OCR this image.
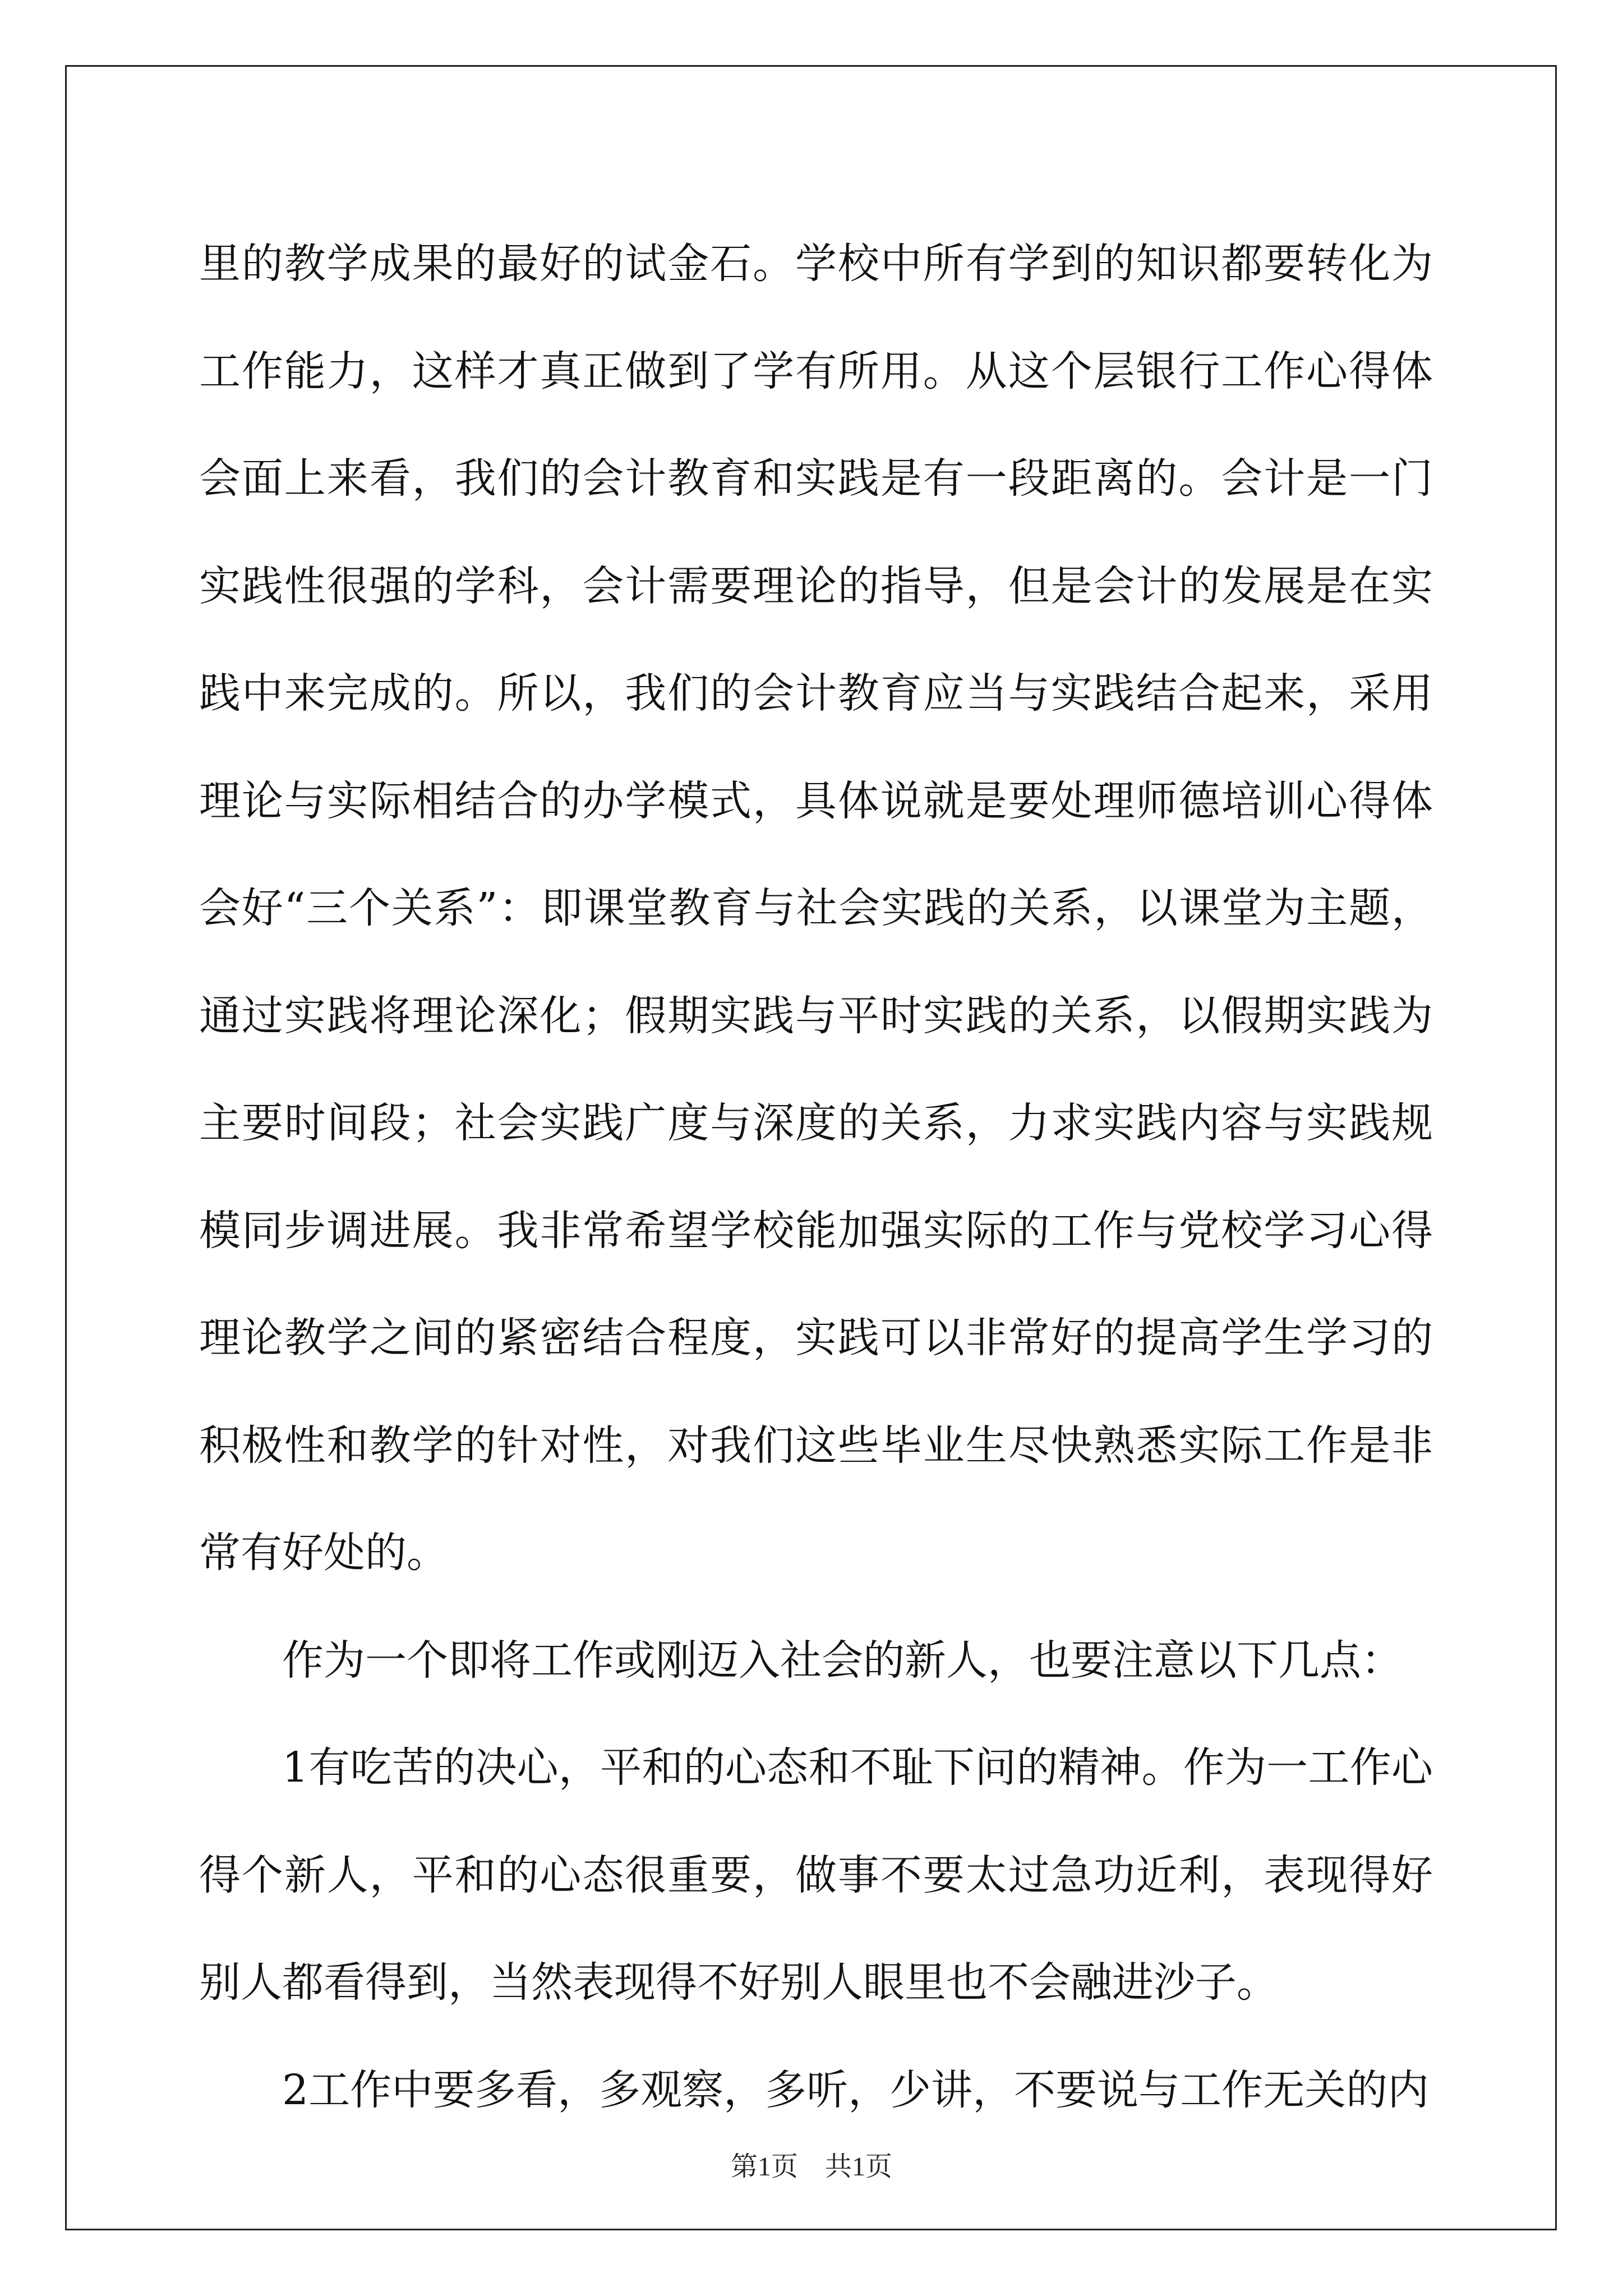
里的教学成果的最好的试金石。学校中所有学到的知识都要转化为工作能力，这样才真正做到了学有所用。从这个层银行工作心得体会面上来看，我们的会计教育和实践是有一段距离的。会计是一门实践性很强的学科，会计需要理论的指导，但是会计的发展是在实践中来完成的。所以，我们的会计教育应当与实践结合起来，采用理论与实际相结合的办学模式，具体说就是要处理师德培训心得体会好“三个关系”：即课堂教育与社会实践的关系，以课堂为主题，通过实践将理论深化；假期实践与平时实践的关系，以假期实践为主要时间段；社会实践广度与深度的关系，力求实践内容与实践规模同步调进展。我非常希望学校能加强实际的工作与党校学习心得理论教学之间的紧密结合程度，实践可以非常好的提高学生学习的积极性和教学的针对性，对我们这些毕业生尽快熟悉实际工作是非常有好处的。

作为一个即将工作或刚迈入社会的新人，也要注意以下几点：

1有吃苦的决心，平和的心态和不耻下问的精神。作为一工作心得个新人，平和的心态很重要，做事不要太过急功近利，表现得好别人都看得到，当然表现得不好别人眼里也不会融进沙子。

2工作中要多看，多观察，多听，少讲，不要说与工作无关的内

第1页　共1页
